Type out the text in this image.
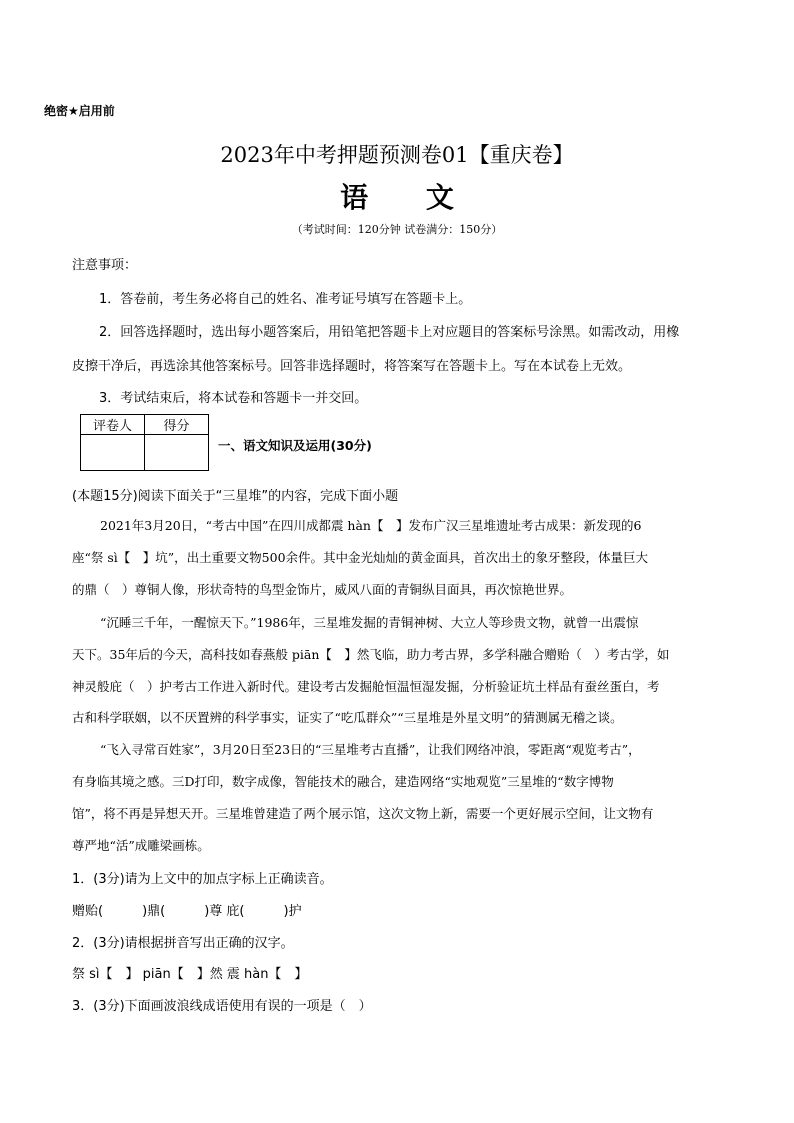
绝密★启用前
2023年中考押题预测卷01【重庆卷】
语 文
（考试时间：120分钟 试卷满分：150分）
注意事项：
1．答卷前，考生务必将自己的姓名、准考证号填写在答题卡上。
2．回答选择题时，选出每小题答案后，用铅笔把答题卡上对应题目的答案标号涂黑。如需改动，用橡
皮擦干净后，再选涂其他答案标号。回答非选择题时，将答案写在答题卡上。写在本试卷上无效。
3．考试结束后，将本试卷和答题卡一并交回。
评卷人	得分

一、语文知识及运用(30分)
(本题15分)阅读下面关于“三星堆”的内容，完成下面小题
2021年3月20日，“考古中国”在四川成都震 hàn【　】发布广汉三星堆遗址考古成果：新发现的6
座“祭 sì【　】坑”，出土重要文物500余件。其中金光灿灿的黄金面具，首次出土的象牙整段，体量巨大
的鼎（　）尊铜人像，形状奇特的鸟型金饰片，威风八面的青铜纵目面具，再次惊艳世界。
“沉睡三千年，一醒惊天下。”1986年，三星堆发掘的青铜神树、大立人等珍贵文物，就曾一出震惊
天下。35年后的今天，高科技如春燕般 piān【　】然飞临，助力考古界，多学科融合赠贻（　）考古学，如
神灵般庇（　）护考古工作进入新时代。建设考古发掘舱恒温恒湿发掘，分析验证坑土样品有蚕丝蛋白，考
古和科学联姻，以不厌置辨的科学事实，证实了“吃瓜群众”“三星堆是外星文明”的猜测属无稽之谈。
“飞入寻常百姓家”，3月20日至23日的“三星堆考古直播”，让我们网络冲浪，零距离“观览考古”，
有身临其境之感。三D打印，数字成像，智能技术的融合，建造网络“实地观览”三星堆的“数字博物
馆”，将不再是异想天开。三星堆曾建造了两个展示馆，这次文物上新，需要一个更好展示空间，让文物有
尊严地“活”成雕梁画栋。
1．(3分)请为上文中的加点字标上正确读音。
赠贻(　　　)鼎(　　　)尊 庇(　　　)护
2．(3分)请根据拼音写出正确的汉字。
祭 sì【　】 piān【　】然 震 hàn【　】
3．(3分)下面画波浪线成语使用有误的一项是（　）
